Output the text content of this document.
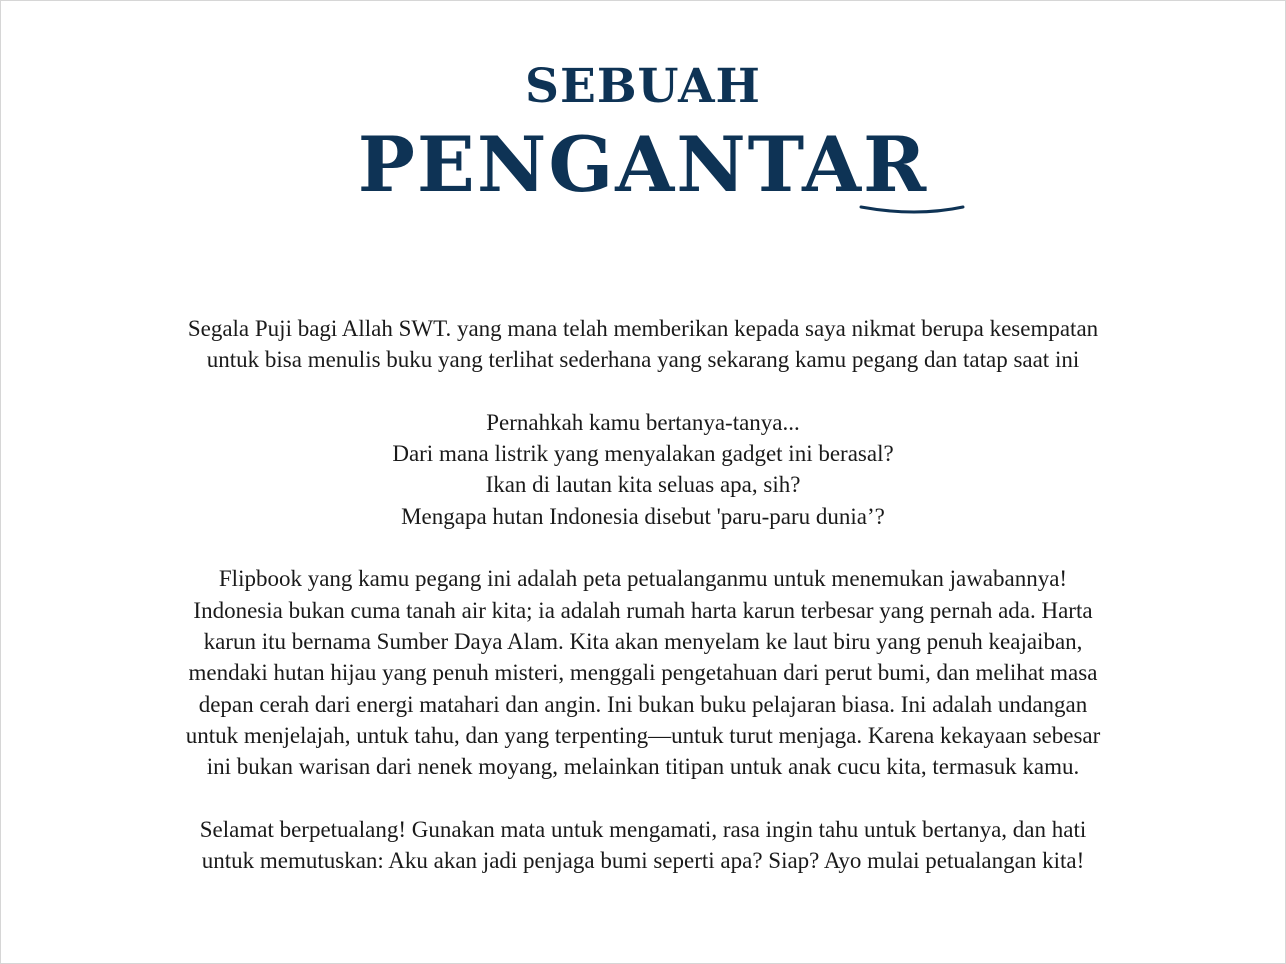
SEBUAH
PENGANTAR
Segala Puji bagi Allah SWT. yang mana telah memberikan kepada saya nikmat berupa kesempatan
untuk bisa menulis buku yang terlihat sederhana yang sekarang kamu pegang dan tatap saat ini
Pernahkah kamu bertanya-tanya...
Dari mana listrik yang menyalakan gadget ini berasal?
Ikan di lautan kita seluas apa, sih?
Mengapa hutan Indonesia disebut 'paru-paru dunia’?
Flipbook yang kamu pegang ini adalah peta petualanganmu untuk menemukan jawabannya!
Indonesia bukan cuma tanah air kita; ia adalah rumah harta karun terbesar yang pernah ada. Harta
karun itu bernama Sumber Daya Alam. Kita akan menyelam ke laut biru yang penuh keajaiban,
mendaki hutan hijau yang penuh misteri, menggali pengetahuan dari perut bumi, dan melihat masa
depan cerah dari energi matahari dan angin. Ini bukan buku pelajaran biasa. Ini adalah undangan
untuk menjelajah, untuk tahu, dan yang terpenting—untuk turut menjaga. Karena kekayaan sebesar
ini bukan warisan dari nenek moyang, melainkan titipan untuk anak cucu kita, termasuk kamu.
Selamat berpetualang! Gunakan mata untuk mengamati, rasa ingin tahu untuk bertanya, dan hati
untuk memutuskan: Aku akan jadi penjaga bumi seperti apa? Siap? Ayo mulai petualangan kita!
